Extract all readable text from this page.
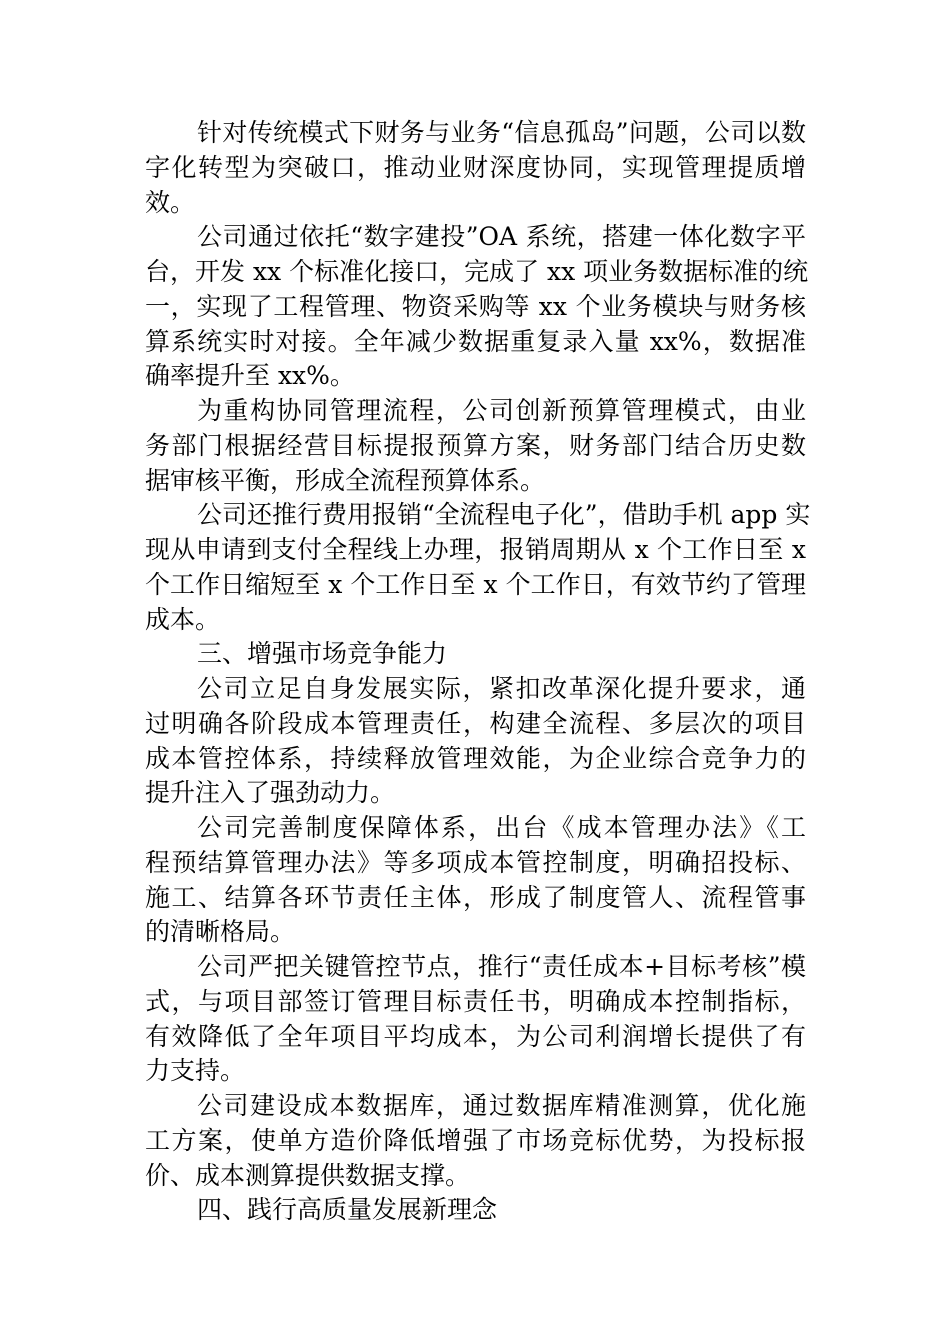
针对传统模式下财务与业务“信息孤岛”问题，公司以数
字化转型为突破口，推动业财深度协同，实现管理提质增
效。
公司通过依托“数字建投”OA 系统，搭建一体化数字平
台，开发 xx 个标准化接口，完成了 xx 项业务数据标准的统
一，实现了工程管理、物资采购等 xx 个业务模块与财务核
算系统实时对接。全年减少数据重复录入量 xx%，数据准
确率提升至 xx%。
为重构协同管理流程，公司创新预算管理模式，由业
务部门根据经营目标提报预算方案，财务部门结合历史数
据审核平衡，形成全流程预算体系。
公司还推行费用报销“全流程电子化”，借助手机 app 实
现从申请到支付全程线上办理，报销周期从 x 个工作日至 x
个工作日缩短至 x 个工作日至 x 个工作日，有效节约了管理
成本。
三、增强市场竞争能力
公司立足自身发展实际，紧扣改革深化提升要求，通
过明确各阶段成本管理责任，构建全流程、多层次的项目
成本管控体系，持续释放管理效能，为企业综合竞争力的
提升注入了强劲动力。
公司完善制度保障体系，出台《成本管理办法》《工
程预结算管理办法》等多项成本管控制度，明确招投标、
施工、结算各环节责任主体，形成了制度管人、流程管事
的清晰格局。
公司严把关键管控节点，推行“责任成本+目标考核”模
式，与项目部签订管理目标责任书，明确成本控制指标，
有效降低了全年项目平均成本，为公司利润增长提供了有
力支持。
公司建设成本数据库，通过数据库精准测算，优化施
工方案，使单方造价降低增强了市场竞标优势，为投标报
价、成本测算提供数据支撑。
四、践行高质量发展新理念
